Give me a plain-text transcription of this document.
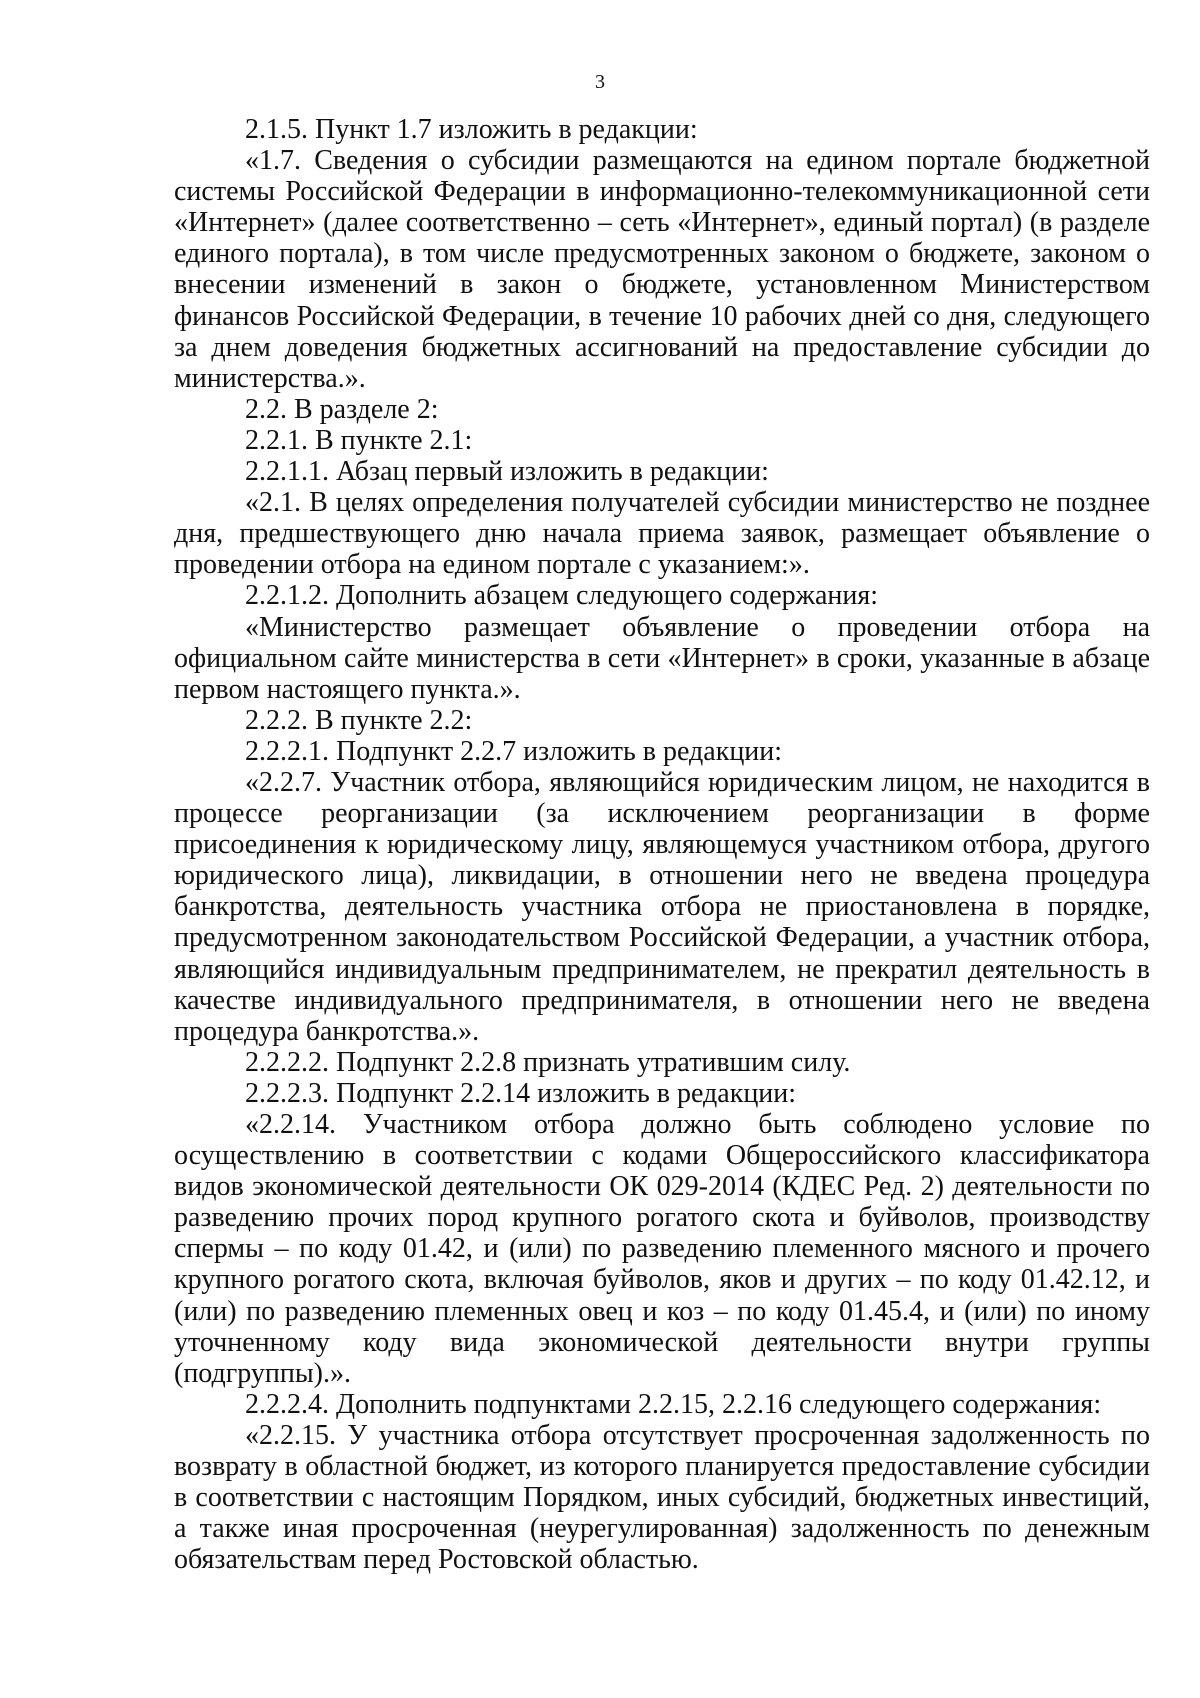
3

2.1.5. Пункт 1.7 изложить в редакции:

«1.7. Сведения о субсидии размещаются на едином портале бюджетной системы Российской Федерации в информационно-телекоммуникационной сети «Интернет» (далее соответственно – сеть «Интернет», единый портал) (в разделе единого портала), в том числе предусмотренных законом о бюджете, законом о внесении изменений в закон о бюджете, установленном Министерством финансов Российской Федерации, в течение 10 рабочих дней со дня, следующего за днем доведения бюджетных ассигнований на предоставление субсидии до министерства.».

2.2. В разделе 2:

2.2.1. В пункте 2.1:

2.2.1.1. Абзац первый изложить в редакции:

«2.1. В целях определения получателей субсидии министерство не позднее дня, предшествующего дню начала приема заявок, размещает объявление о проведении отбора на едином портале с указанием:».

2.2.1.2. Дополнить абзацем следующего содержания:

«Министерство размещает объявление о проведении отбора на официальном сайте министерства в сети «Интернет» в сроки, указанные в абзаце первом настоящего пункта.».

2.2.2. В пункте 2.2:

2.2.2.1. Подпункт 2.2.7 изложить в редакции:

«2.2.7. Участник отбора, являющийся юридическим лицом, не находится в процессе реорганизации (за исключением реорганизации в форме присоединения к юридическому лицу, являющемуся участником отбора, другого юридического лица), ликвидации, в отношении него не введена процедура банкротства, деятельность участника отбора не приостановлена в порядке, предусмотренном законодательством Российской Федерации, а участник отбора, являющийся индивидуальным предпринимателем, не прекратил деятельность в качестве индивидуального предпринимателя, в отношении него не введена процедура банкротства.».

2.2.2.2. Подпункт 2.2.8 признать утратившим силу.

2.2.2.3. Подпункт 2.2.14 изложить в редакции:

«2.2.14. Участником отбора должно быть соблюдено условие по осуществлению в соответствии с кодами Общероссийского классификатора видов экономической деятельности ОК 029-2014 (КДЕС Ред. 2) деятельности по разведению прочих пород крупного рогатого скота и буйволов, производству спермы – по коду 01.42, и (или) по разведению племенного мясного и прочего крупного рогатого скота, включая буйволов, яков и других – по коду 01.42.12, и (или) по разведению племенных овец и коз – по коду 01.45.4, и (или) по иному уточненному коду вида экономической деятельности внутри группы (подгруппы).».

2.2.2.4. Дополнить подпунктами 2.2.15, 2.2.16 следующего содержания:

«2.2.15. У участника отбора отсутствует просроченная задолженность по возврату в областной бюджет, из которого планируется предоставление субсидии в соответствии с настоящим Порядком, иных субсидий, бюджетных инвестиций, а также иная просроченная (неурегулированная) задолженность по денежным обязательствам перед Ростовской областью.
